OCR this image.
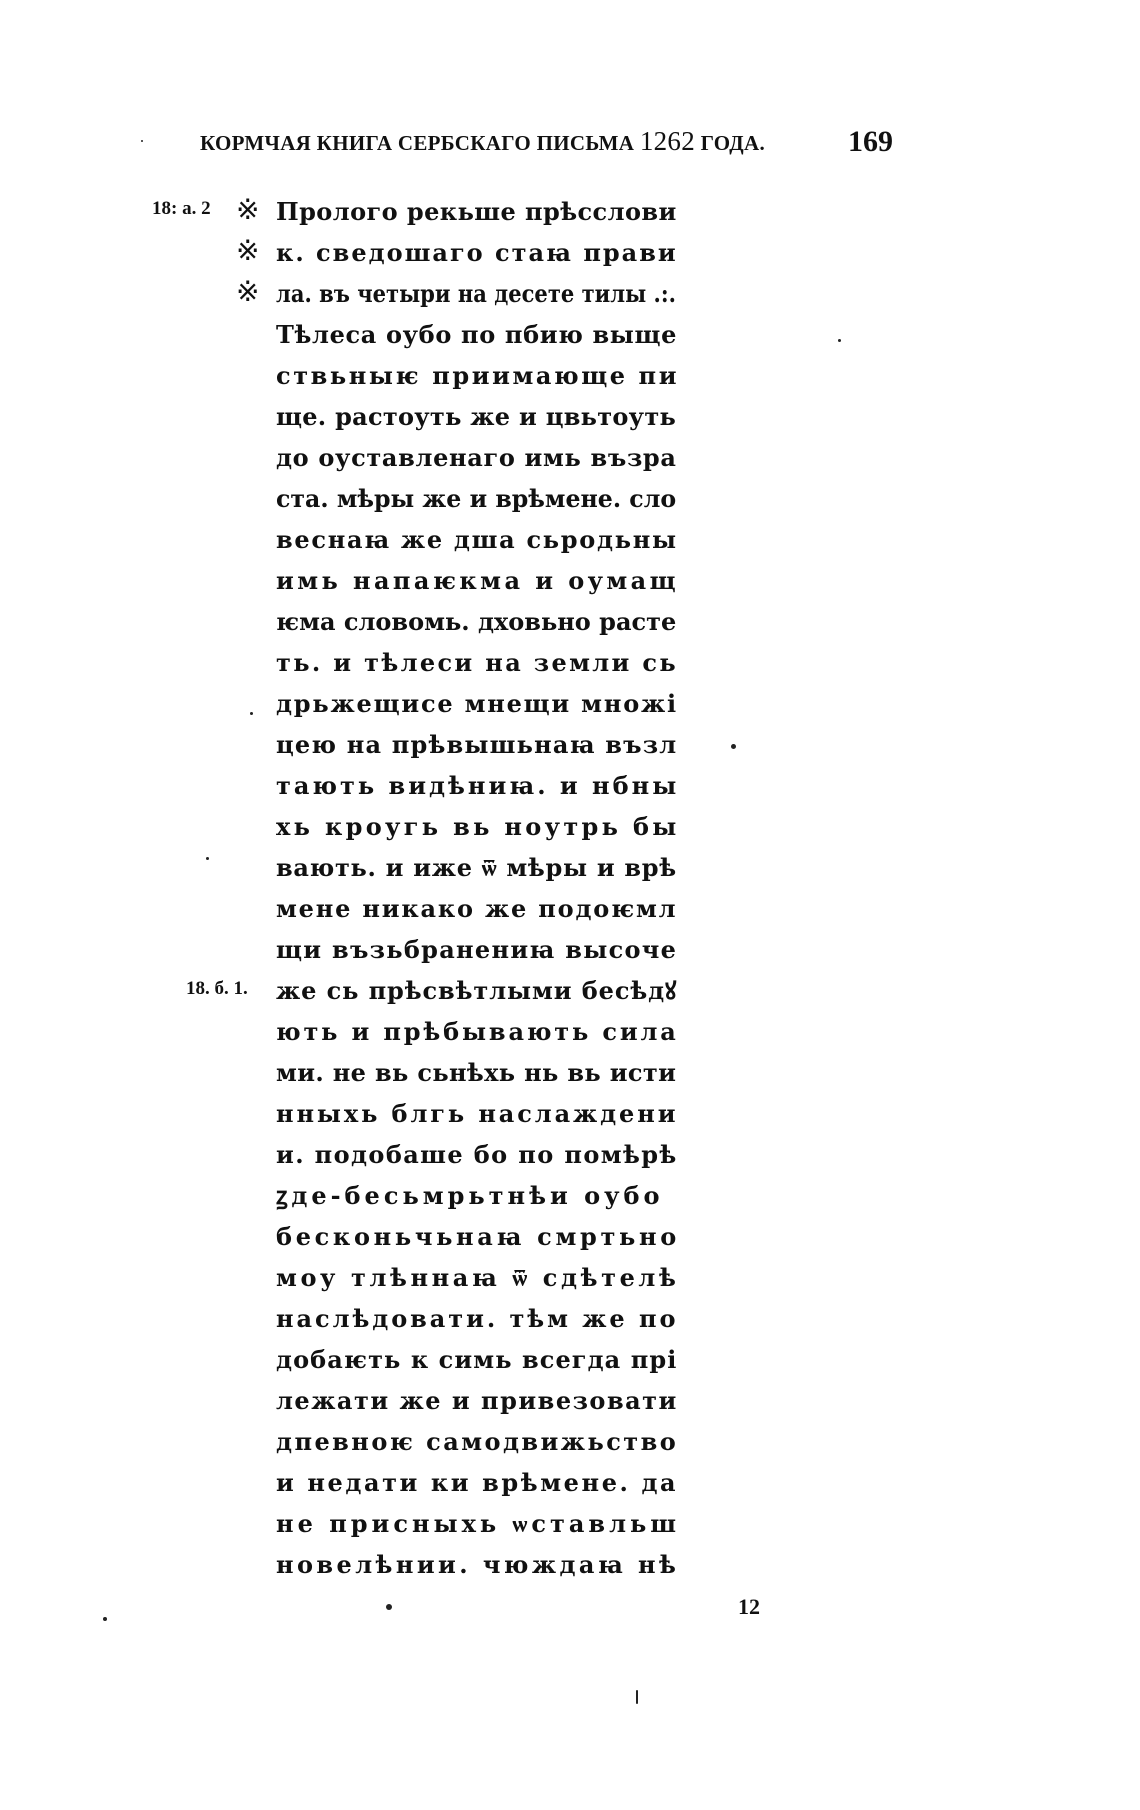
КОРМЧАЯ КНИГА СЕРБСКАГО ПИСЬМА 1262 ГОДА.	169
18: а. 2
18. б. 1.
※
※
※
Пролого рекьше прѣсслови
к. сведошаго стаꙗ прави
ла. въ четыри на десете тилы .:.
Тѣлеса оубо по пбию выще
ствьныѥ приимающе пи
ще. растоуть же и цвьтоуть
до оуставленаго имь възра
ста. мѣры же и врѣмене. сло
веснаꙗ же дша сьродьны
имь напаѥкма и оумащ
ѥма словомь. дховьно расте
ть. и тѣлеси на земли сь
дрьжещисе мнещи множі
цею на прѣвышьнаꙗ възл
тають видѣниꙗ. и нбны
хь кроугь вь ноутрь бы
вають. и иже ѿ мѣры и врѣ
мене никако же подоѥмл
щи възьбранениꙗ высоче
же сь прѣсвѣтлыми бесѣдꙋ
ють и прѣбывають сила
ми. не вь сьнѣхь нь вь исти
нныхь блгь наслаждени
и. подобаше бо по помѣрѣ
ꙁде-бесьмрьтнѣи оубо
бесконьчьнаꙗ смртьно
моу тлѣннаꙗ ѿ сдѣтелѣ
наслѣдовати. тѣм же по
добаѥть к симь всегда прі
лежати же и привезовати
дпевноѥ самодвижьство
и недати ки врѣмене. да
не присныхь ѡставльш
новелѣнии. чюждаꙗ нѣ
12
